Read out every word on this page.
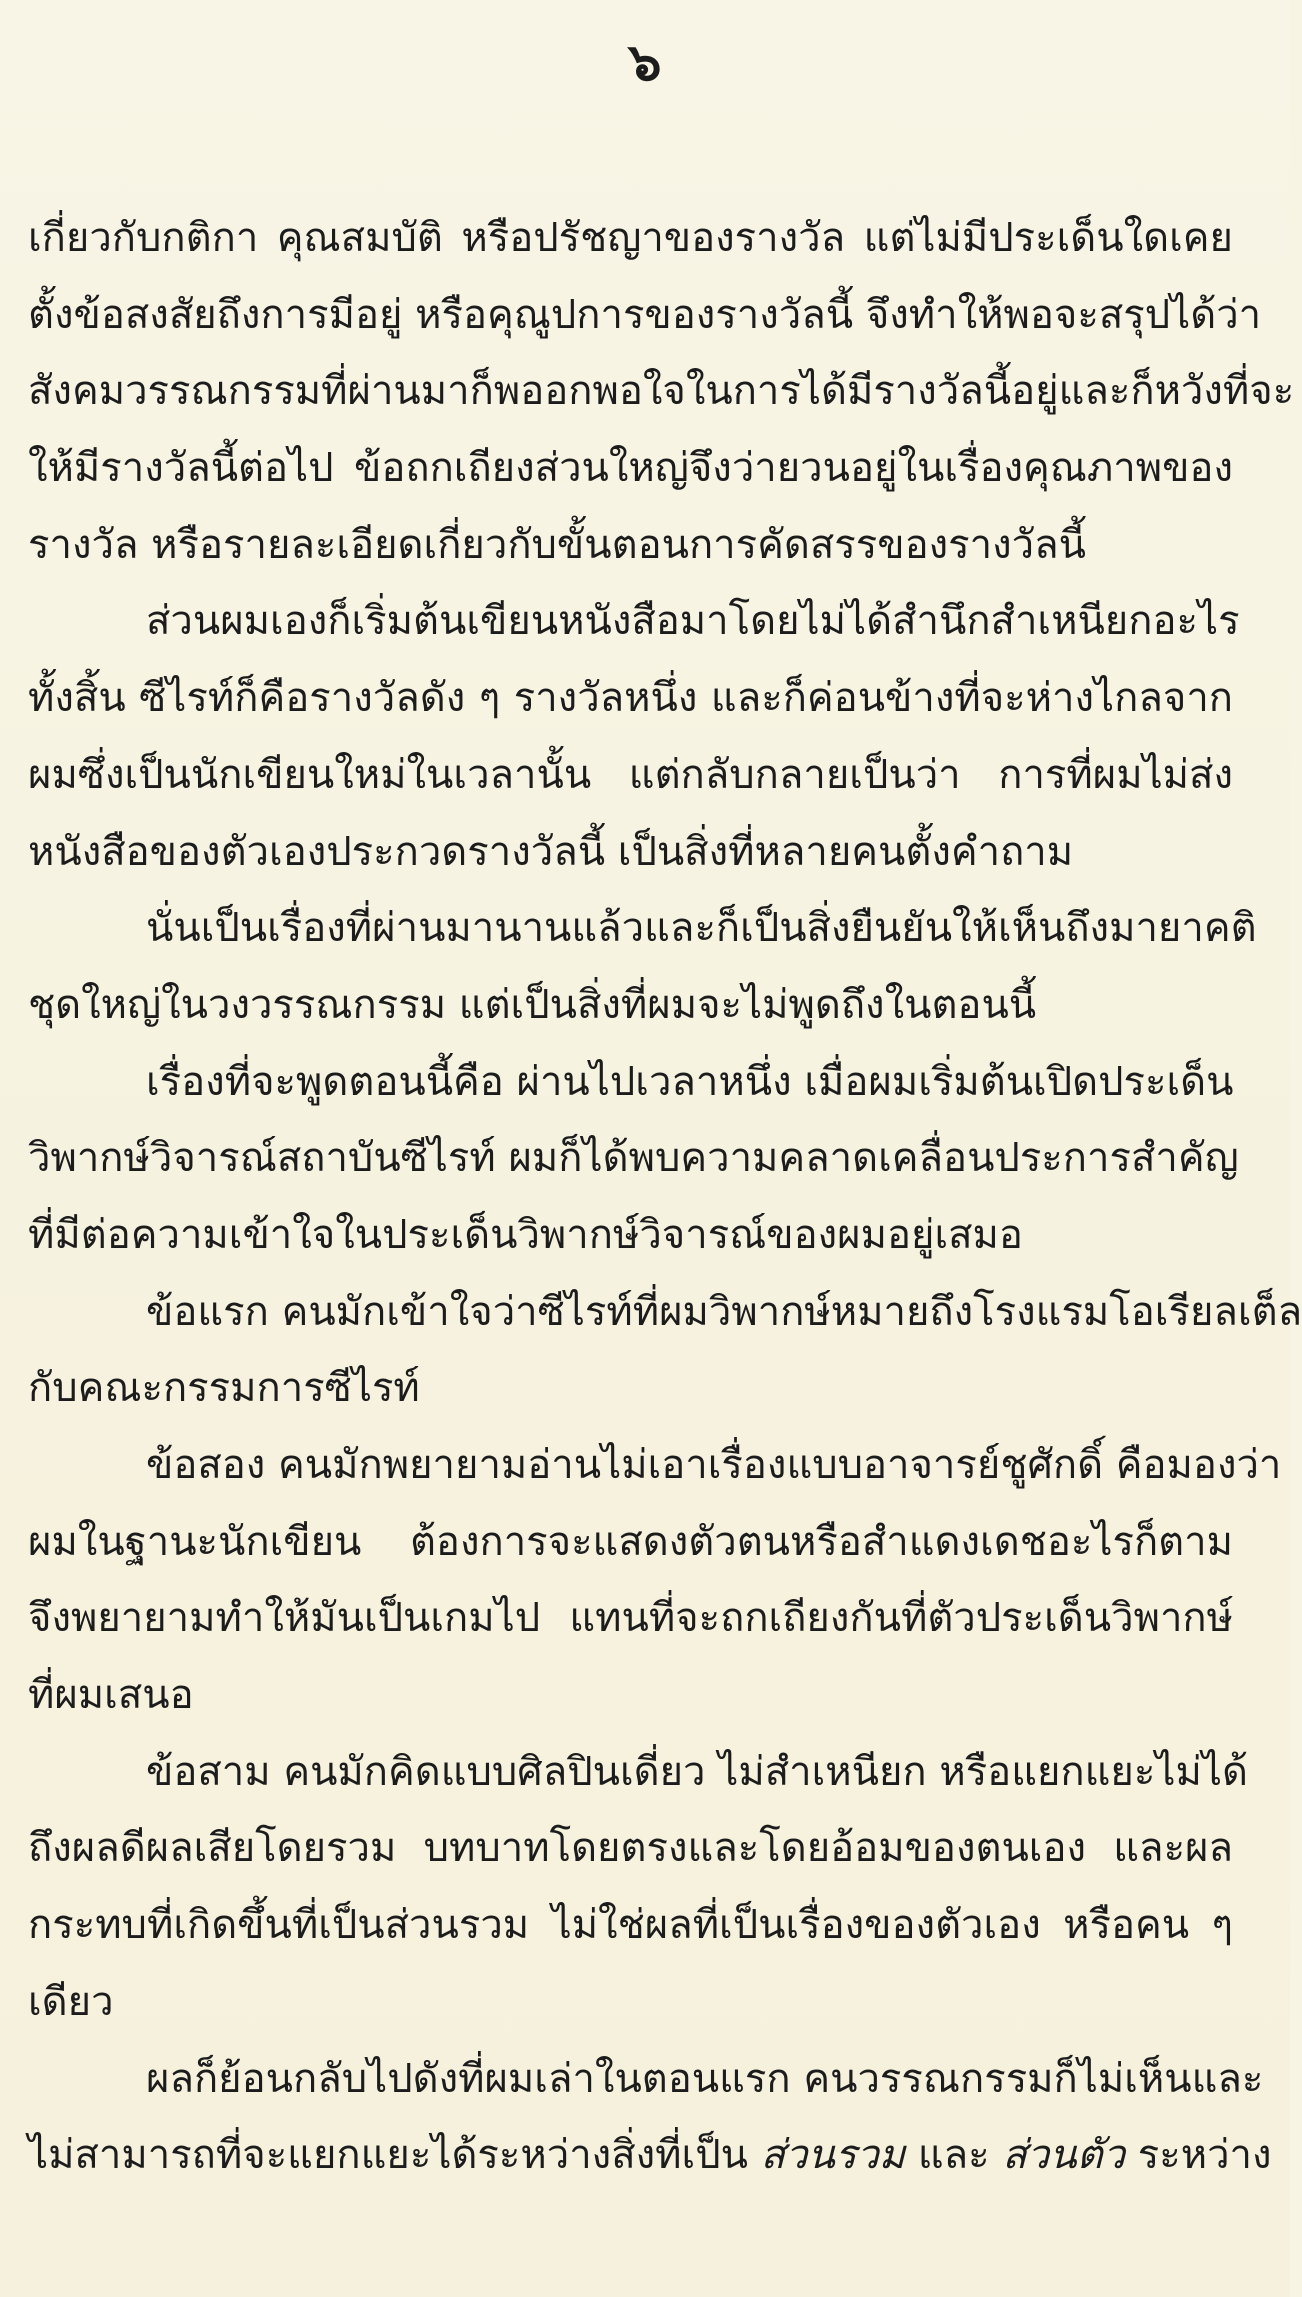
๖
เกี่ยวกับกติกา คุณสมบัติ หรือปรัชญาของรางวัล แต่ไม่มีประเด็นใดเคย
ตั้งข้อสงสัยถึงการมีอยู่ หรือคุณูปการของรางวัลนี้ จึงทำให้พอจะสรุปได้ว่า
สังคมวรรณกรรมที่ผ่านมาก็พออกพอใจในการได้มีรางวัลนี้อยู่และก็หวังที่จะ
ให้มีรางวัลนี้ต่อไป ข้อถกเถียงส่วนใหญ่จึงว่ายวนอยู่ในเรื่องคุณภาพของ
รางวัล หรือรายละเอียดเกี่ยวกับขั้นตอนการคัดสรรของรางวัลนี้
ส่วนผมเองก็เริ่มต้นเขียนหนังสือมาโดยไม่ได้สำนึกสำเหนียกอะไร
ทั้งสิ้น ซีไรท์ก็คือรางวัลดัง ๆ รางวัลหนึ่ง และก็ค่อนข้างที่จะห่างไกลจาก
ผมซึ่งเป็นนักเขียนใหม่ในเวลานั้น แต่กลับกลายเป็นว่า การที่ผมไม่ส่ง
หนังสือของตัวเองประกวดรางวัลนี้ เป็นสิ่งที่หลายคนตั้งคำถาม
นั่นเป็นเรื่องที่ผ่านมานานแล้วและก็เป็นสิ่งยืนยันให้เห็นถึงมายาคติ
ชุดใหญ่ในวงวรรณกรรม แต่เป็นสิ่งที่ผมจะไม่พูดถึงในตอนนี้
เรื่องที่จะพูดตอนนี้คือ ผ่านไปเวลาหนึ่ง เมื่อผมเริ่มต้นเปิดประเด็น
วิพากษ์วิจารณ์สถาบันซีไรท์ ผมก็ได้พบความคลาดเคลื่อนประการสำคัญ
ที่มีต่อความเข้าใจในประเด็นวิพากษ์วิจารณ์ของผมอยู่เสมอ
ข้อแรก คนมักเข้าใจว่าซีไรท์ที่ผมวิพากษ์หมายถึงโรงแรมโอเรียลเต็ล
กับคณะกรรมการซีไรท์
ข้อสอง คนมักพยายามอ่านไม่เอาเรื่องแบบอาจารย์ชูศักดิ์ คือมองว่า
ผมในฐานะนักเขียน ต้องการจะแสดงตัวตนหรือสำแดงเดชอะไรก็ตาม
จึงพยายามทำให้มันเป็นเกมไป แทนที่จะถกเถียงกันที่ตัวประเด็นวิพากษ์
ที่ผมเสนอ
ข้อสาม คนมักคิดแบบศิลปินเดี่ยว ไม่สำเหนียก หรือแยกแยะไม่ได้
ถึงผลดีผลเสียโดยรวม บทบาทโดยตรงและโดยอ้อมของตนเอง และผล
กระทบที่เกิดขึ้นที่เป็นส่วนรวม ไม่ใช่ผลที่เป็นเรื่องของตัวเอง หรือคน ๆ
เดียว
ผลก็ย้อนกลับไปดังที่ผมเล่าในตอนแรก คนวรรณกรรมก็ไม่เห็นและ
ไม่สามารถที่จะแยกแยะได้ระหว่างสิ่งที่เป็น ส่วนรวม และ ส่วนตัว ระหว่าง
